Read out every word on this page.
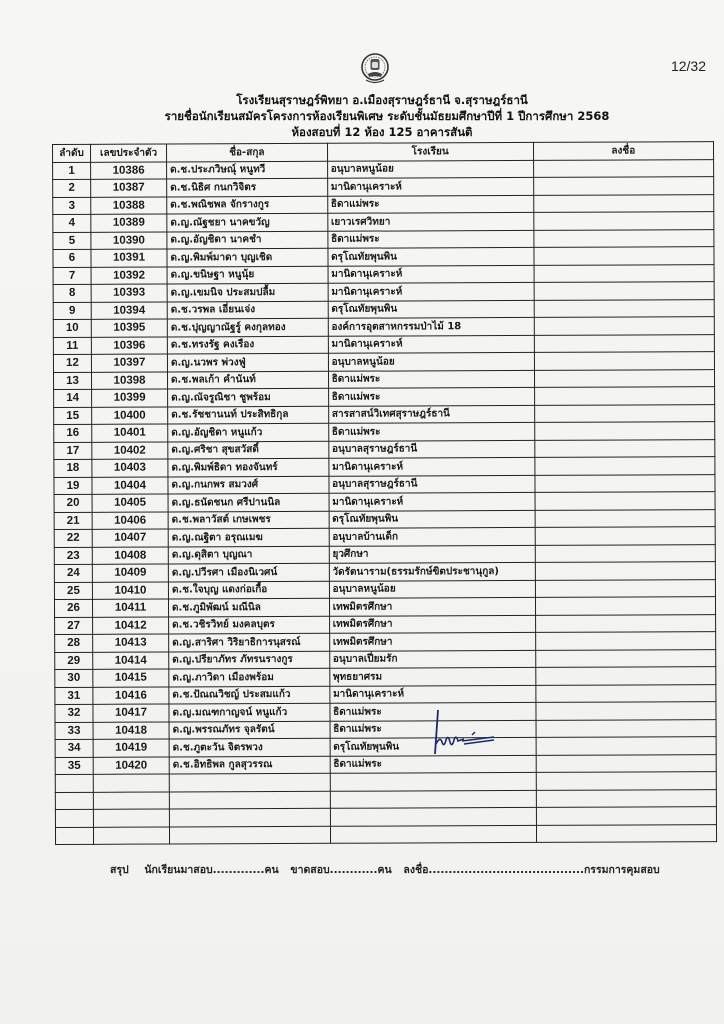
12/32
โรงเรียนสุราษฎร์พิทยา อ.เมืองสุราษฎร์ธานี จ.สุราษฎร์ธานี
รายชื่อนักเรียนสมัครโครงการห้องเรียนพิเศษ ระดับชั้นมัธยมศึกษาปีที่ 1 ปีการศึกษา 2568
ห้องสอบที่ 12 ห้อง 125 อาคารสันติ
ลำดับ	เลขประจำตัว	ชื่อ-สกุล	โรงเรียน	ลงชื่อ
1	10386	ด.ช.ประภวิษณุ์ หนูทวี	อนุบาลหนูน้อย	
2	10387	ด.ช.นิธิศ กนกวิจิตร	มานิดานุเคราะห์	
3	10388	ด.ช.พณิชพล จักรางกูร	ธิดาแม่พระ	
4	10389	ด.ญ.ณัฐชยา นาคขวัญ	เยาวเรศวิทยา	
5	10390	ด.ญ.อัญชิดา นาคชำ	ธิดาแม่พระ	
6	10391	ด.ญ.พิมพ์มาดา บุญเชิด	ดรุโณทัยพุนพิน	
7	10392	ด.ญ.ขนิษฐา หนูนุ้ย	มานิดานุเคราะห์	
8	10393	ด.ญ.เขมนิจ ประสมปลื้ม	มานิดานุเคราะห์	
9	10394	ด.ช.วรพล เอี่ยนเจ่ง	ดรุโณทัยพุนพิน	
10	10395	ด.ช.ปุญญาณัฐรู์ คงกุลทอง	องค์การอุตสาหกรรมป่าไม้ 18	
11	10396	ด.ช.ทรงรัฐ คงเรือง	มานิดานุเคราะห์	
12	10397	ด.ญ.นวพร พ่วงฟู่	อนุบาลหนูน้อย	
13	10398	ด.ช.พลเก้า คำนันท์	ธิดาแม่พระ	
14	10399	ด.ญ.ณัจรูณิชา ชูพร้อม	ธิดาแม่พระ	
15	10400	ด.ช.รัชชานนท์ ประสิทธิกุล	สารสาสน์วิเทศสุราษฎร์ธานี	
16	10401	ด.ญ.อัญชิดา หนูแก้ว	ธิดาแม่พระ	
17	10402	ด.ญ.ศริชา สุขสวัสดิ์	อนุบาลสุราษฎร์ธานี	
18	10403	ด.ญ.พิมพ์ธิดา ทองจันทร์	มานิดานุเคราะห์	
19	10404	ด.ญ.กนกพร สมวงศ์	อนุบาลสุราษฎร์ธานี	
20	10405	ด.ญ.ธนัดชนก ศรีปานนิล	มานิดานุเคราะห์	
21	10406	ด.ช.พลาวัสต์ เกษเพชร	ดรุโณทัยพุนพิน	
22	10407	ด.ญ.ณฐิตา อรุณเมฆ	อนุบาลบ้านเด็ก	
23	10408	ด.ญ.ดุสิตา บุญณา	ยุวศึกษา	
24	10409	ด.ญ.ปวีรศา เมืองนิเวศน์	วัดรัตนาราม(ธรรมรักษ์ขิตประชานุกูล)	
25	10410	ด.ช.ใจบุญ แดงก่อเกื้อ	อนุบาลหนูน้อย	
26	10411	ด.ช.ภูมิพัฒน์ มณีนิล	เทพมิตรศึกษา	
27	10412	ด.ช.วชิรวิทย์ มงคลบุตร	เทพมิตรศึกษา	
28	10413	ด.ญ.สาริศา วิริยาธิการนุสรณ์	เทพมิตรศึกษา	
29	10414	ด.ญ.ปรียาภัทร ภัทรนรางกูร	อนุบาลเปี่ยมรัก	
30	10415	ด.ญ.ภาวิดา เมืองพร้อม	พุทธยาศรม	
31	10416	ด.ช.ปัณณวิชญ์ ประสมแก้ว	มานิดานุเคราะห์	
32	10417	ด.ญ.มณฑกาญจน์ หนูแก้ว	ธิดาแม่พระ	
33	10418	ด.ญ.พรรณภัทร จุลรัตน์	ธิดาแม่พระ	
34	10419	ด.ช.ภูตะวัน จิตรพวง	ดรุโณทัยพุนพิน	
35	10420	ด.ช.อิทธิพล กูลสุวรรณ	ธิดาแม่พระ	

สรุป นักเรียนมาสอบ.............คน ขาดสอบ............คน ลงชื่อ.......................................กรรมการคุมสอบ
